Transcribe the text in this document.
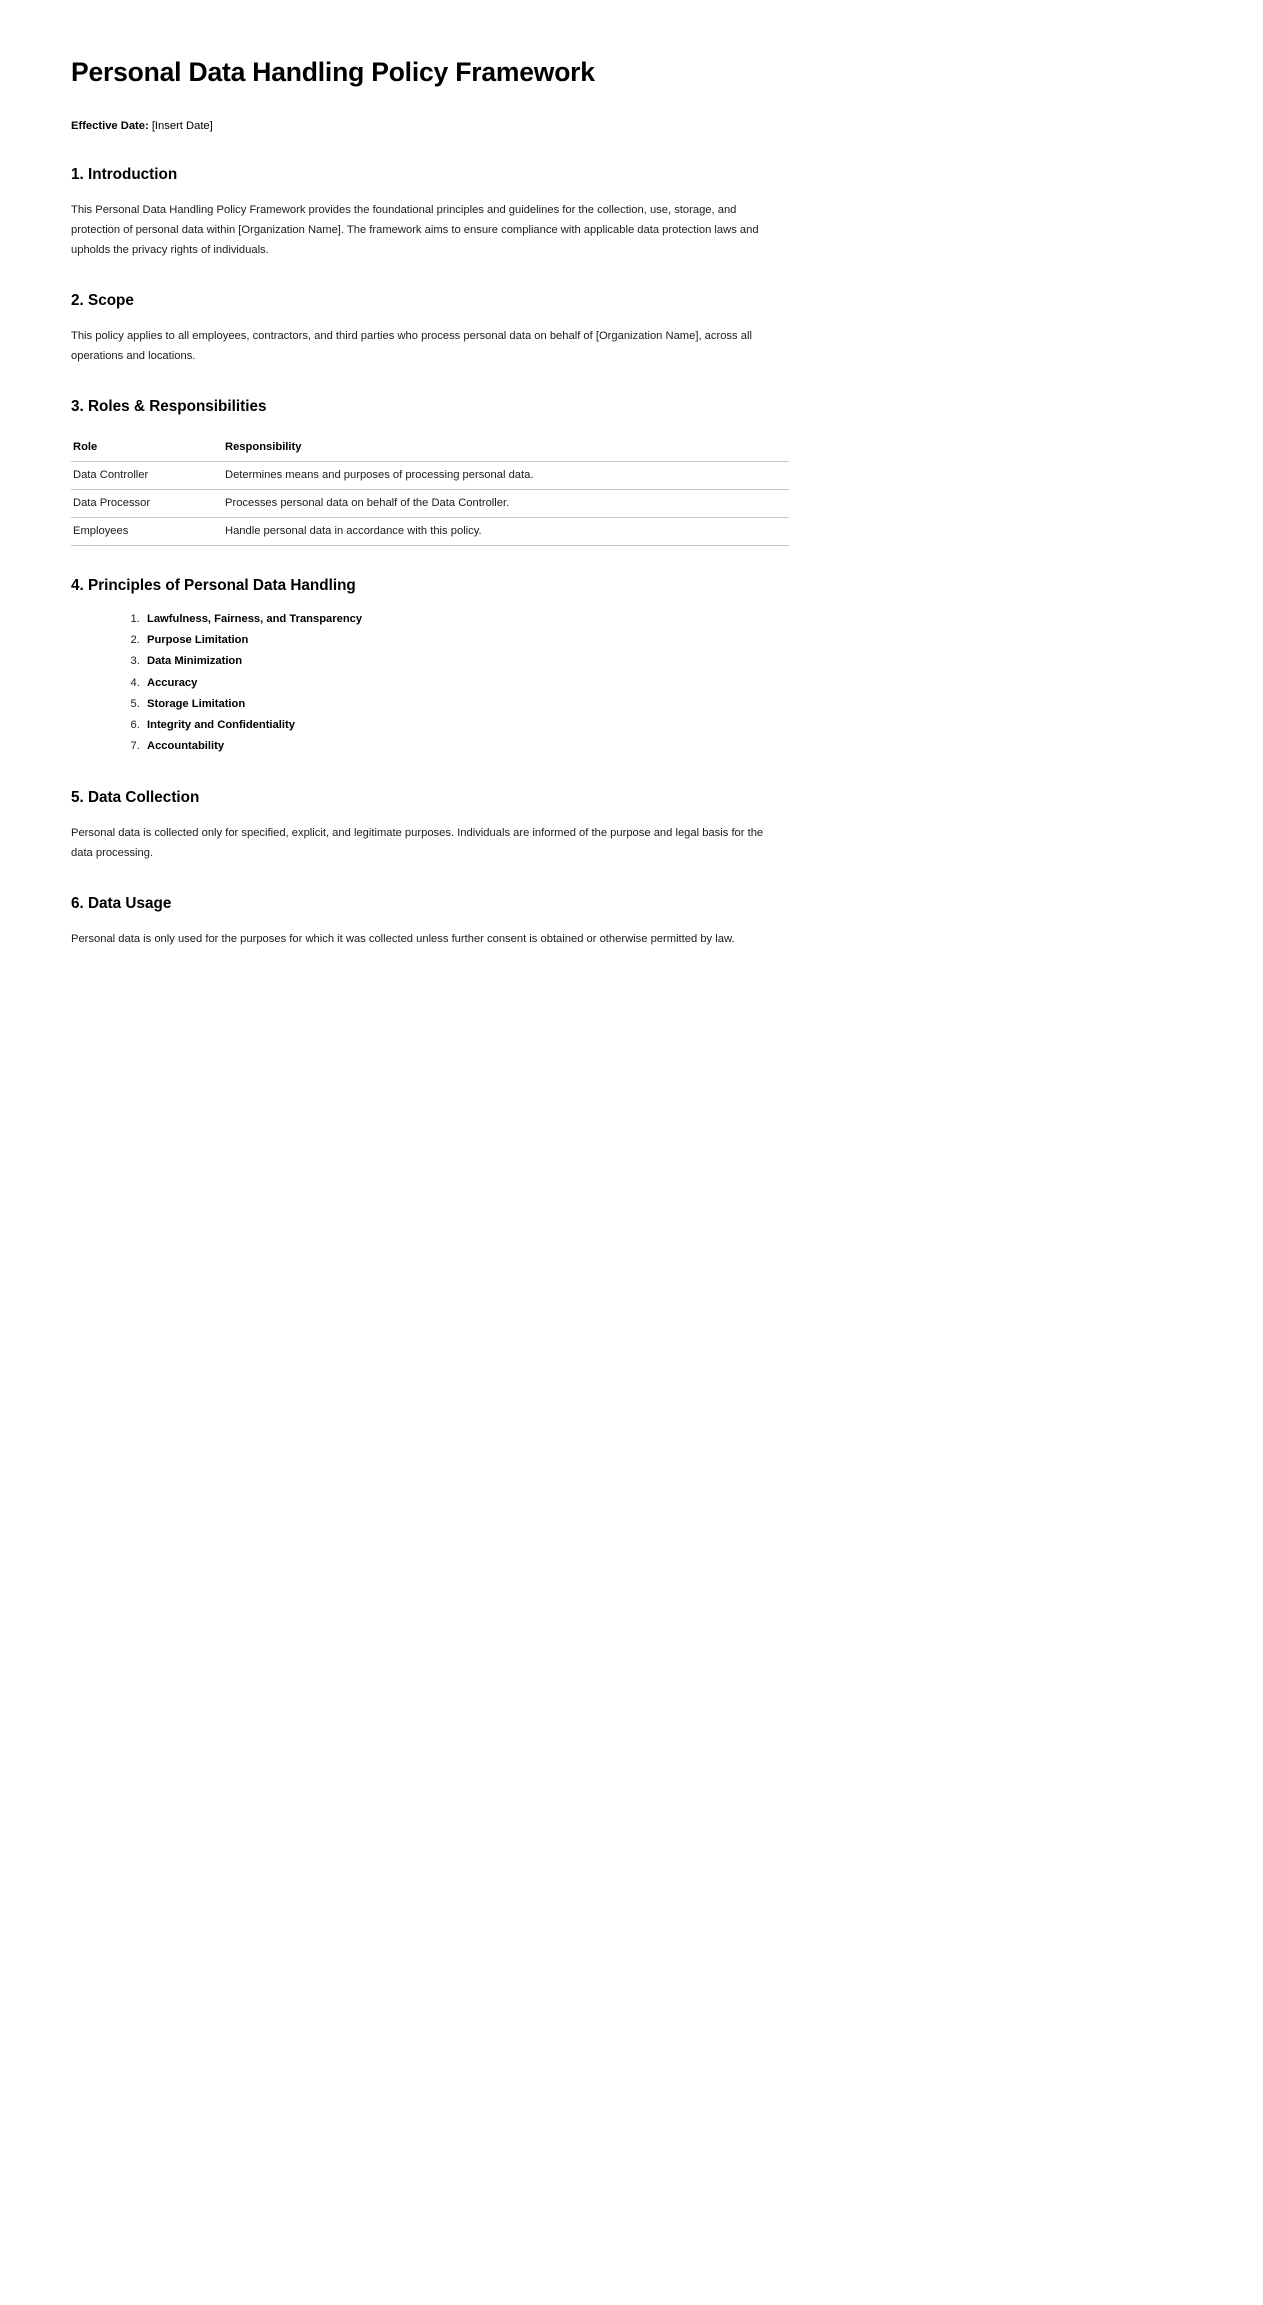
Personal Data Handling Policy Framework

Effective Date: [Insert Date]

1. Introduction

This Personal Data Handling Policy Framework provides the foundational principles and guidelines for the collection, use, storage, and protection of personal data within [Organization Name]. The framework aims to ensure compliance with applicable data protection laws and upholds the privacy rights of individuals.

2. Scope

This policy applies to all employees, contractors, and third parties who process personal data on behalf of [Organization Name], across all operations and locations.

3. Roles & Responsibilities
Role	Responsibility
Data Controller	Determines means and purposes of processing personal data.
Data Processor	Processes personal data on behalf of the Data Controller.
Employees	Handle personal data in accordance with this policy.
4. Principles of Personal Data Handling
1. Lawfulness, Fairness, and Transparency
2. Purpose Limitation
3. Data Minimization
4. Accuracy
5. Storage Limitation
6. Integrity and Confidentiality
7. Accountability
5. Data Collection

Personal data is collected only for specified, explicit, and legitimate purposes. Individuals are informed of the purpose and legal basis for the data processing.

6. Data Usage

Personal data is only used for the purposes for which it was collected unless further consent is obtained or otherwise permitted by law.
